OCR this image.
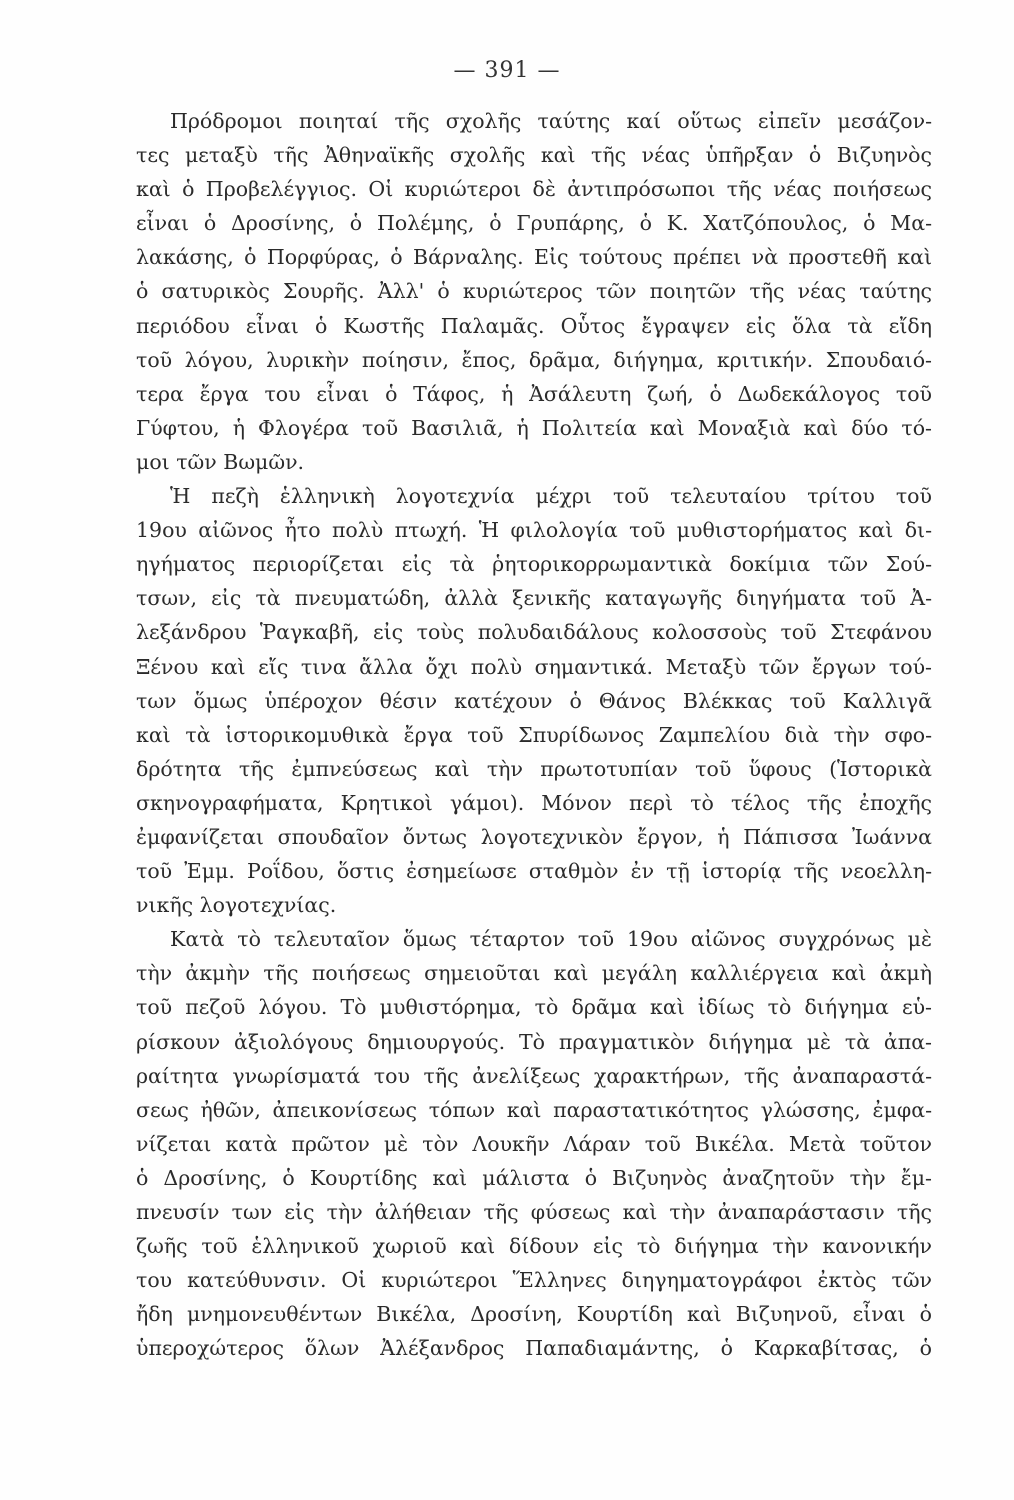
— 391 —
Πρόδρομοι ποιηταί τῆς σχολῆς ταύτης καί οὕτως εἰπεῖν μεσάζον-
τες μεταξὺ τῆς Ἀθηναϊκῆς σχολῆς καὶ τῆς νέας ὑπῆρξαν ὁ Βιζυηνὸς
καὶ ὁ Προβελέγγιος. Οἱ κυριώτεροι δὲ ἀντιπρόσωποι τῆς νέας ποιήσεως
εἶναι ὁ Δροσίνης, ὁ Πολέμης, ὁ Γρυπάρης, ὁ Κ. Χατζόπουλος, ὁ Μα-
λακάσης, ὁ Πορφύρας, ὁ Βάρναλης. Εἰς τούτους πρέπει νὰ προστεθῆ καὶ
ὁ σατυρικὸς Σουρῆς. Ἀλλ' ὁ κυριώτερος τῶν ποιητῶν τῆς νέας ταύτης
περιόδου εἶναι ὁ Κωστῆς Παλαμᾶς. Οὗτος ἔγραψεν εἰς ὅλα τὰ εἴδη
τοῦ λόγου, λυρικὴν ποίησιν, ἔπος, δρᾶμα, διήγημα, κριτικήν. Σπουδαιό-
τερα ἔργα του εἶναι ὁ Τάφος, ἡ Ἀσάλευτη ζωή, ὁ Δωδεκάλογος τοῦ
Γύφτου, ἡ Φλογέρα τοῦ Βασιλιᾶ, ἡ Πολιτεία καὶ Μοναξιὰ καὶ δύο τό-
μοι τῶν Βωμῶν.
Ἡ πεζὴ ἑλληνικὴ λογοτεχνία μέχρι τοῦ τελευταίου τρίτου τοῦ
19ου αἰῶνος ἦτο πολὺ πτωχή. Ἡ φιλολογία τοῦ μυθιστορήματος καὶ δι-
ηγήματος περιορίζεται εἰς τὰ ῥητορικορρωμαντικὰ δοκίμια τῶν Σού-
τσων, εἰς τὰ πνευματώδη, ἀλλὰ ξενικῆς καταγωγῆς διηγήματα τοῦ Ἀ-
λεξάνδρου Ῥαγκαβῆ, εἰς τοὺς πολυδαιδάλους κολοσσοὺς τοῦ Στεφάνου
Ξένου καὶ εἴς τινα ἄλλα ὄχι πολὺ σημαντικά. Μεταξὺ τῶν ἔργων τού-
των ὅμως ὑπέροχον θέσιν κατέχουν ὁ Θάνος Βλέκκας τοῦ Καλλιγᾶ
καὶ τὰ ἱστορικομυθικὰ ἔργα τοῦ Σπυρίδωνος Ζαμπελίου διὰ τὴν σφο-
δρότητα τῆς ἐμπνεύσεως καὶ τὴν πρωτοτυπίαν τοῦ ὕφους (Ἱστορικὰ
σκηνογραφήματα, Κρητικοὶ γάμοι). Μόνον περὶ τὸ τέλος τῆς ἐποχῆς
ἐμφανίζεται σπουδαῖον ὄντως λογοτεχνικὸν ἔργον, ἡ Πάπισσα Ἰωάννα
τοῦ Ἐμμ. Ροΐδου, ὅστις ἐσημείωσε σταθμὸν ἐν τῇ ἱστορίᾳ τῆς νεοελλη-
νικῆς λογοτεχνίας.
Κατὰ τὸ τελευταῖον ὅμως τέταρτον τοῦ 19ου αἰῶνος συγχρόνως μὲ
τὴν ἀκμὴν τῆς ποιήσεως σημειοῦται καὶ μεγάλη καλλιέργεια καὶ ἀκμὴ
τοῦ πεζοῦ λόγου. Τὸ μυθιστόρημα, τὸ δρᾶμα καὶ ἰδίως τὸ διήγημα εὑ-
ρίσκουν ἀξιολόγους δημιουργούς. Τὸ πραγματικὸν διήγημα μὲ τὰ ἀπα-
ραίτητα γνωρίσματά του τῆς ἀνελίξεως χαρακτήρων, τῆς ἀναπαραστά-
σεως ἠθῶν, ἀπεικονίσεως τόπων καὶ παραστατικότητος γλώσσης, ἐμφα-
νίζεται κατὰ πρῶτον μὲ τὸν Λουκῆν Λάραν τοῦ Βικέλα. Μετὰ τοῦτον
ὁ Δροσίνης, ὁ Κουρτίδης καὶ μάλιστα ὁ Βιζυηνὸς ἀναζητοῦν τὴν ἔμ-
πνευσίν των εἰς τὴν ἀλήθειαν τῆς φύσεως καὶ τὴν ἀναπαράστασιν τῆς
ζωῆς τοῦ ἑλληνικοῦ χωριοῦ καὶ δίδουν εἰς τὸ διήγημα τὴν κανονικήν
του κατεύθυνσιν. Οἱ κυριώτεροι Ἕλληνες διηγηματογράφοι ἐκτὸς τῶν
ἤδη μνημονευθέντων Βικέλα, Δροσίνη, Κουρτίδη καὶ Βιζυηνοῦ, εἶναι ὁ
ὑπεροχώτερος ὅλων Ἀλέξανδρος Παπαδιαμάντης, ὁ Καρκαβίτσας, ὁ
